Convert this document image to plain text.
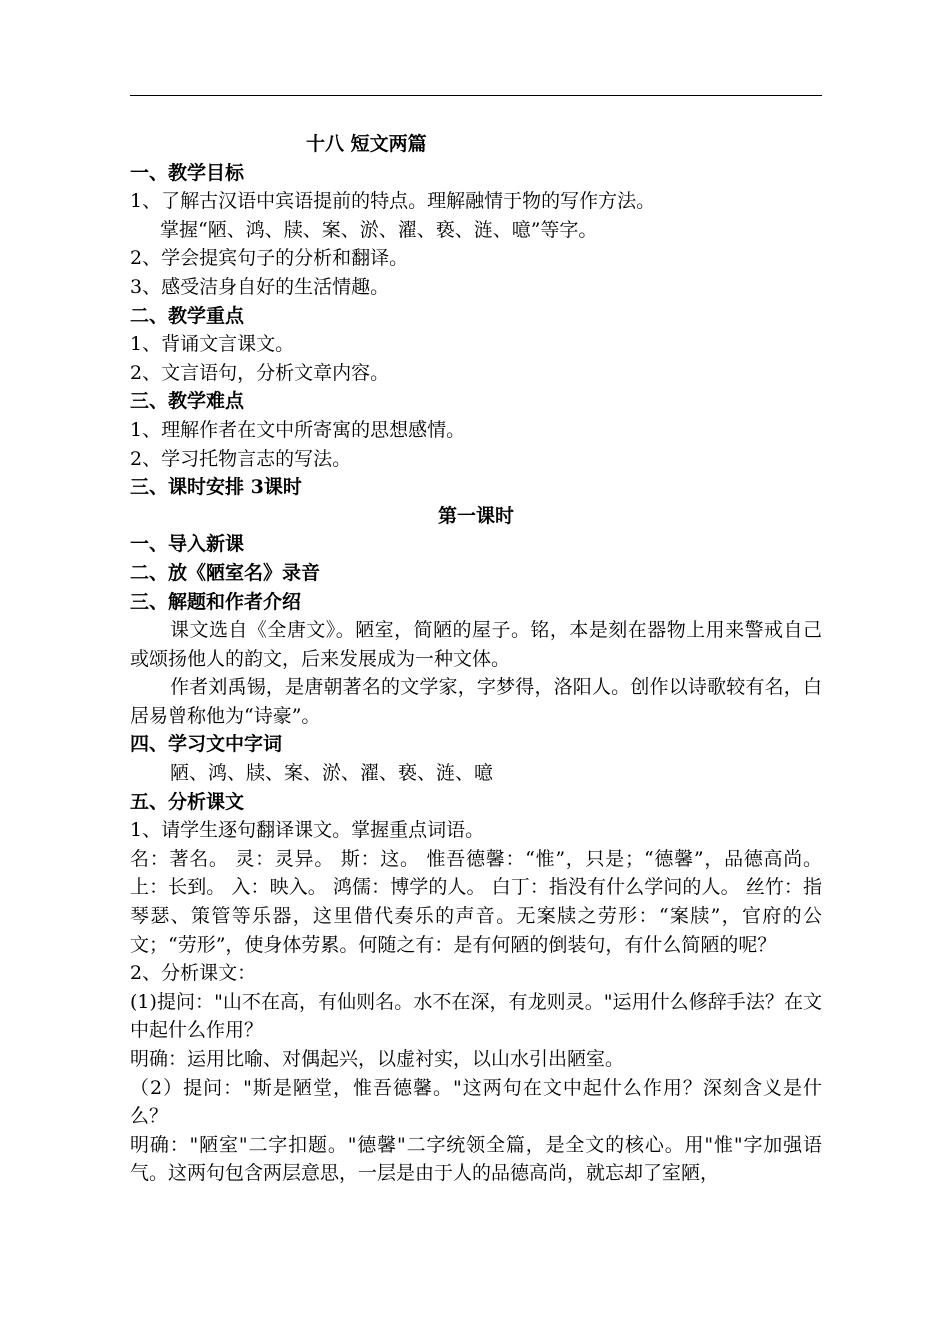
十八 短文两篇
一、教学目标
1、了解古汉语中宾语提前的特点。理解融情于物的写作方法。
掌握“陋、鸿、牍、案、淤、濯、亵、涟、噫”等字。
2、学会提宾句子的分析和翻译。
3、感受洁身自好的生活情趣。
二、教学重点
1、背诵文言课文。
2、文言语句，分析文章内容。
三、教学难点
1、理解作者在文中所寄寓的思想感情。
2、学习托物言志的写法。
三、课时安排 3课时
第一课时
一、导入新课
二、放《陋室名》录音
三、解题和作者介绍
课文选自《全唐文》。陋室，简陋的屋子。铭，本是刻在器物上用来警戒自己或颂扬他人的韵文，后来发展成为一种文体。
作者刘禹锡，是唐朝著名的文学家，字梦得，洛阳人。创作以诗歌较有名，白居易曾称他为“诗豪”。
四、学习文中字词
陋、鸿、牍、案、淤、濯、亵、涟、噫
五、分析课文
1、请学生逐句翻译课文。掌握重点词语。
名：著名。 灵：灵异。 斯：这。 惟吾德馨：“惟”，只是；“德馨”，品德高尚。 上：长到。 入：映入。 鸿儒：博学的人。 白丁：指没有什么学问的人。 丝竹：指琴瑟、策管等乐器，这里借代奏乐的声音。无案牍之劳形：“案牍”，官府的公文；“劳形”，使身体劳累。何随之有：是有何陋的倒装句，有什么简陋的呢？
2、分析课文：
(1)提问："山不在高，有仙则名。水不在深，有龙则灵。"运用什么修辞手法？在文中起什么作用？
明确：运用比喻、对偶起兴，以虚衬实，以山水引出陋室。
（2）提问："斯是陋堂，惟吾德馨。"这两句在文中起什么作用？深刻含义是什么？
明确："陋室"二字扣题。"德馨"二字统领全篇，是全文的核心。用"惟"字加强语气。这两句包含两层意思，一层是由于人的品德高尚，就忘却了室陋，
